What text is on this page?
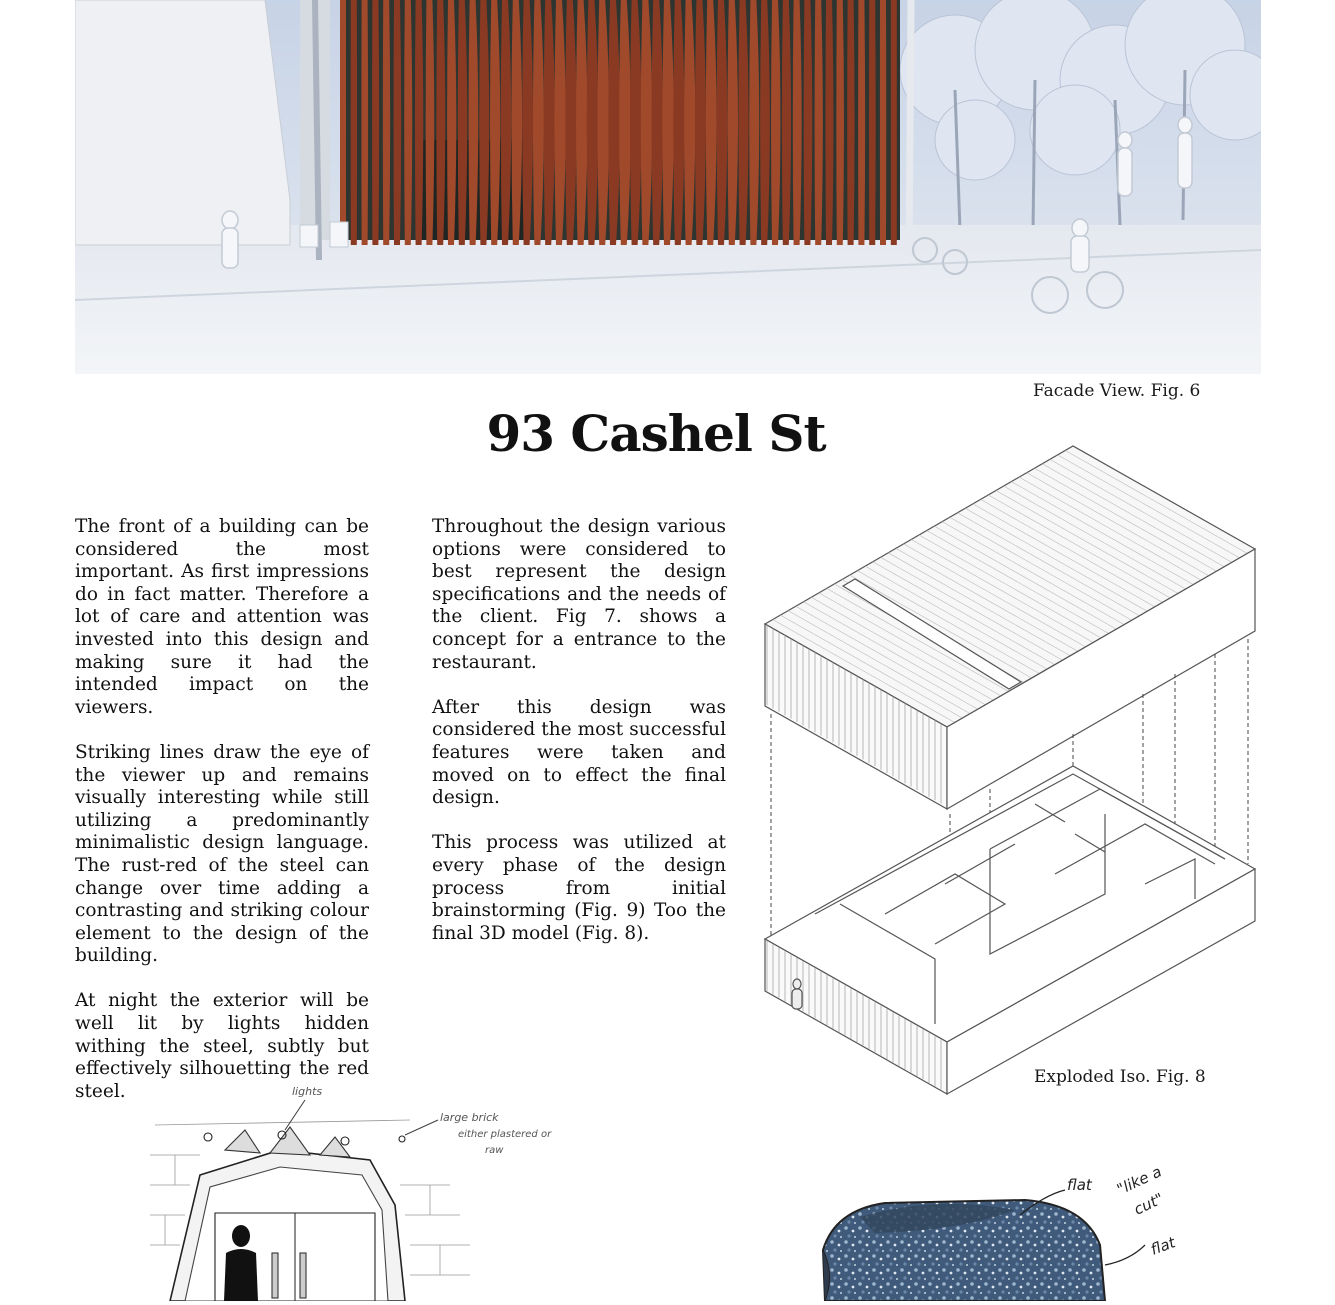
Facade View. Fig. 6
93 Cashel St

The front of a building can be considered the most important. As first impressions do in fact matter. Therefore a lot of care and attention was invested into this design and making sure it had the intended impact on the viewers.

Striking lines draw the eye of the viewer up and remains visually interesting while still utilizing a predominantly minimalistic design language. The rust-red of the steel can change over time adding a contrasting and striking colour element to the design of the building.

At night the exterior will be well lit by lights hidden withing the steel, subtly but effectively silhouetting the red steel.

Throughout the design various options were considered to best represent the design specifications and the needs of the client. Fig 7. shows a concept for a entrance to the restaurant.

After this design was considered the most successful features were taken and moved on to effect the final design.

This process was utilized at every phase of the design process from initial brainstorming (Fig. 9) Too the final 3D model (Fig. 8).

Exploded Iso. Fig. 8
lights
large brick
either plastered or
raw
flat "like a
cut"
flat
